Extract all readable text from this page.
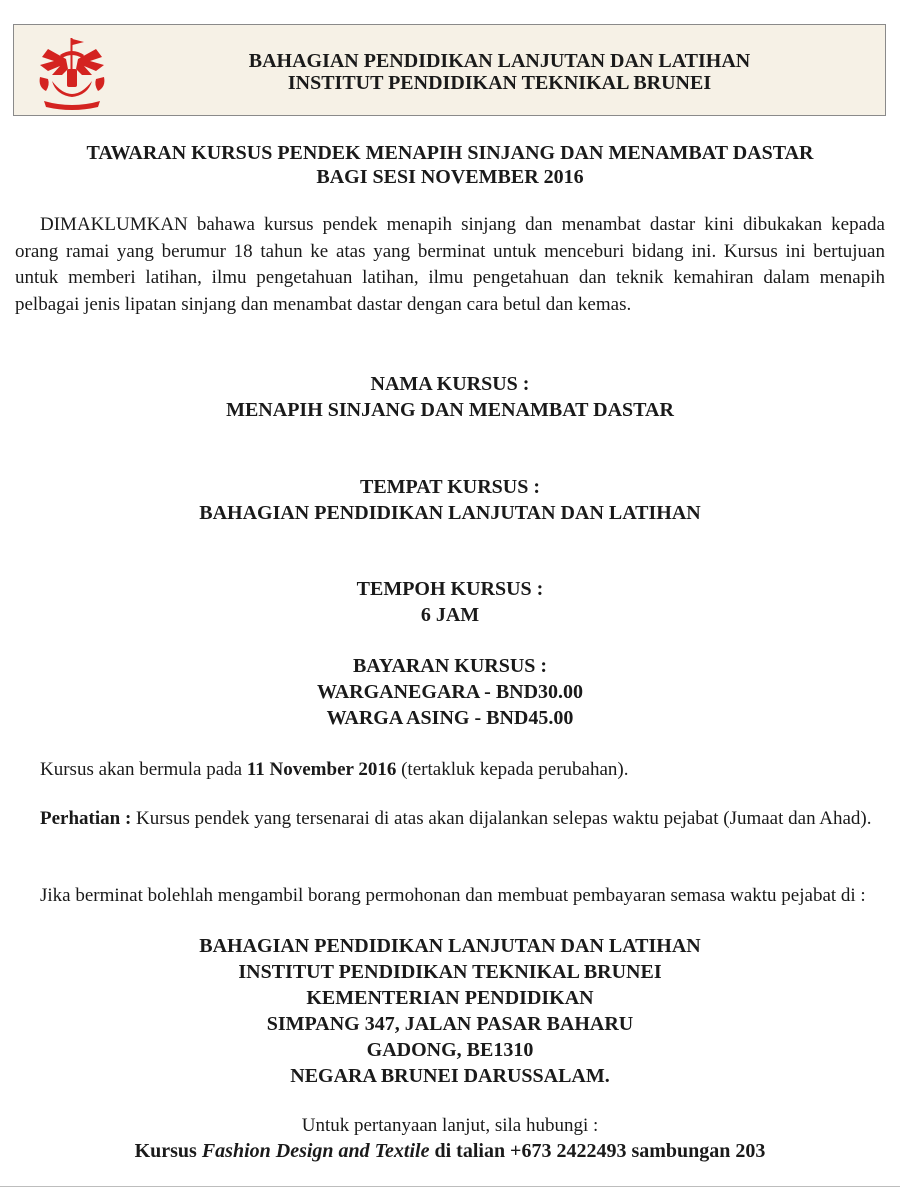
BAHAGIAN PENDIDIKAN LANJUTAN DAN LATIHAN
INSTITUT PENDIDIKAN TEKNIKAL BRUNEI
TAWARAN KURSUS PENDEK MENAPIH SINJANG DAN MENAMBAT DASTAR
BAGI SESI NOVEMBER 2016

DIMAKLUMKAN bahawa kursus pendek menapih sinjang dan menambat dastar kini dibukakan kepada orang ramai yang berumur 18 tahun ke atas yang berminat untuk menceburi bidang ini. Kursus ini bertujuan untuk memberi latihan, ilmu pengetahuan latihan, ilmu pengetahuan dan teknik kemahiran dalam menapih pelbagai jenis lipatan sinjang dan menambat dastar dengan cara betul dan kemas.

NAMA KURSUS :
MENAPIH SINJANG DAN MENAMBAT DASTAR
TEMPAT KURSUS :
BAHAGIAN PENDIDIKAN LANJUTAN DAN LATIHAN
TEMPOH KURSUS :
6 JAM
BAYARAN KURSUS :
WARGANEGARA - BND30.00
WARGA ASING - BND45.00

Kursus akan bermula pada 11 November 2016 (tertakluk kepada perubahan).

Perhatian : Kursus pendek yang tersenarai di atas akan dijalankan selepas waktu pejabat (Jumaat dan Ahad).

Jika berminat bolehlah mengambil borang permohonan dan membuat pembayaran semasa waktu pejabat di :

BAHAGIAN PENDIDIKAN LANJUTAN DAN LATIHAN
INSTITUT PENDIDIKAN TEKNIKAL BRUNEI
KEMENTERIAN PENDIDIKAN
SIMPANG 347, JALAN PASAR BAHARU
GADONG, BE1310
NEGARA BRUNEI DARUSSALAM.
Untuk pertanyaan lanjut, sila hubungi :
Kursus Fashion Design and Textile di talian +673 2422493 sambungan 203
